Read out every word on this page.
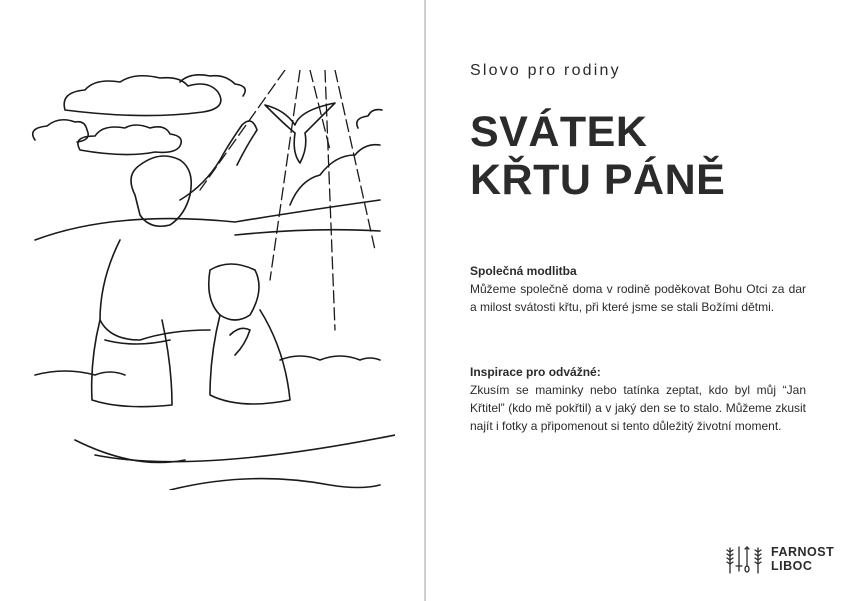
Slovo pro rodiny
SVÁTEK
KŘTU PÁNĚ
Společná modlitba

Můžeme společně doma v rodině poděkovat Bohu Otci za dar a milost svátosti křtu, při které jsme se stali Božími dětmi.

Inspirace pro odvážné:

Zkusím se maminky nebo tatínka zeptat, kdo byl můj “Jan Křtitel” (kdo mě pokřtil) a v jaký den se to stalo. Můžeme zkusit najít i fotky a připomenout si tento důležitý životní moment.

FARNOST
LIBOC
